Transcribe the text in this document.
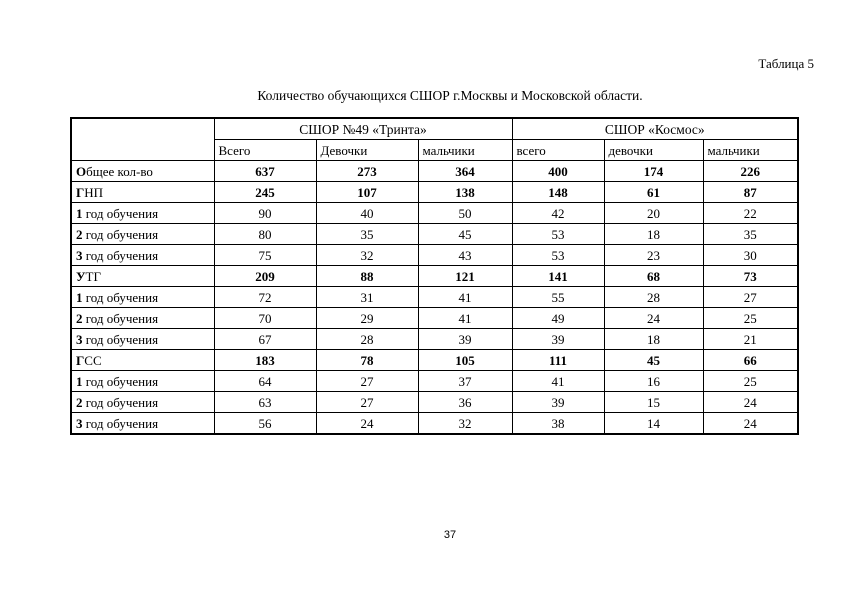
Таблица 5
Количество обучающихся СШОР г.Москвы и Московской области.
	СШОР №49 «Тринта»			СШОР «Космос»		
	Всего	Девочки	мальчики	всего	девочки	мальчики
Общее кол-во	637	273	364	400	174	226
ГНП	245	107	138	148	61	87
1 год обучения	90	40	50	42	20	22
2 год обучения	80	35	45	53	18	35
3 год обучения	75	32	43	53	23	30
УТГ	209	88	121	141	68	73
1 год обучения	72	31	41	55	28	27
2 год обучения	70	29	41	49	24	25
3 год обучения	67	28	39	39	18	21
ГСС	183	78	105	111	45	66
1 год обучения	64	27	37	41	16	25
2 год обучения	63	27	36	39	15	24
3 год обучения	56	24	32	38	14	24
37
